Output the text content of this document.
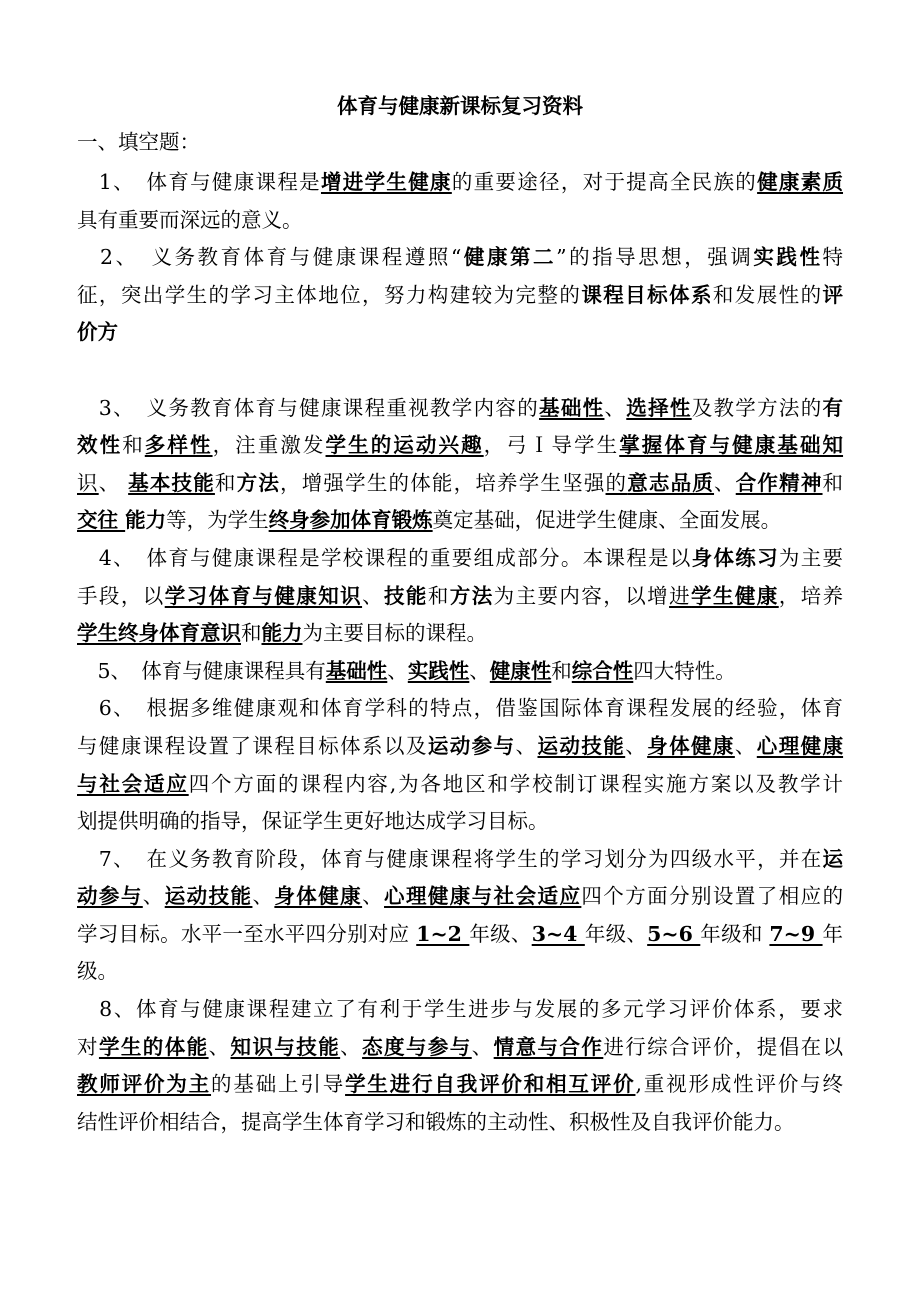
体育与健康新课标复习资料
一、填空题：
　1、　体育与健康课程是增进学生健康的重要途径，对于提高全民族的健康素质
具有重要而深远的意义。
　2、　义务教育体育与健康课程遵照“健康第二”的指导思想，强调实践性特
征，突出学生的学习主体地位，努力构建较为完整的课程目标体系和发展性的评
价方
　3、　义务教育体育与健康课程重视教学内容的基础性、选择性及教学方法的有
效性和多样性，注重激发学生的运动兴趣，弓Ｉ导学生掌握体育与健康基础知
识、 基本技能和方法，增强学生的体能，培养学生坚强的意志品质、合作精神和
交往 能力等，为学生终身参加体育锻炼奠定基础，促进学生健康、全面发展。
　4、　体育与健康课程是学校课程的重要组成部分。本课程是以身体练习为主要
手段，以学习体育与健康知识、技能和方法为主要内容，以增进学生健康，培养
学生终身体育意识和能力为主要目标的课程。
　5、　体育与健康课程具有基础性、实践性、健康性和综合性四大特性。
　6、　根据多维健康观和体育学科的特点，借鉴国际体育课程发展的经验，体育
与健康课程设置了课程目标体系以及运动参与、运动技能、身体健康、心理健康
与社会适应四个方面的课程内容,为各地区和学校制订课程实施方案以及教学计
划提供明确的指导，保证学生更好地达成学习目标。
　7、　在义务教育阶段，体育与健康课程将学生的学习划分为四级水平，并在运
动参与、运动技能、身体健康、心理健康与社会适应四个方面分别设置了相应的
学习目标。水平一至水平四分别对应 1~2 年级、3~4 年级、5~6 年级和 7~9 年
级。
　8、体育与健康课程建立了有利于学生进步与发展的多元学习评价体系，要求
对学生的体能、知识与技能、态度与参与、情意与合作进行综合评价，提倡在以
教师评价为主的基础上引导学生进行自我评价和相互评价,重视形成性评价与终
结性评价相结合，提高学生体育学习和锻炼的主动性、积极性及自我评价能力。
